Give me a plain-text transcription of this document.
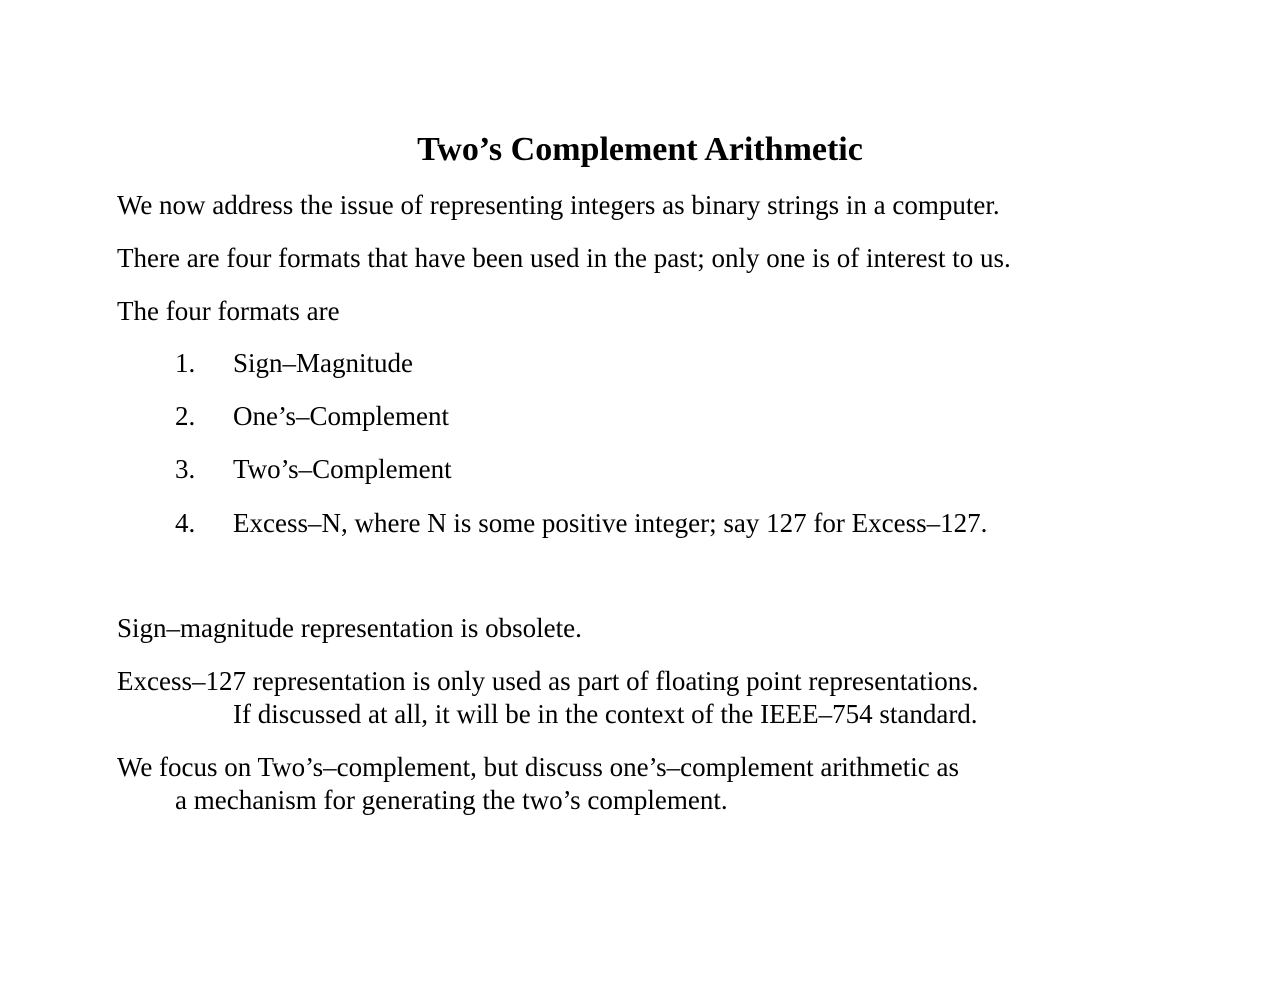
Two’s Complement Arithmetic
We now address the issue of representing integers as binary strings in a computer.
There are four formats that have been used in the past; only one is of interest to us.
The four formats are
1. Sign–Magnitude
2. One’s–Complement
3. Two’s–Complement
4. Excess–N, where N is some positive integer; say 127 for Excess–127.
Sign–magnitude representation is obsolete.
Excess–127 representation is only used as part of floating point representations.
If discussed at all, it will be in the context of the IEEE–754 standard.
We focus on Two’s–complement, but discuss one’s–complement arithmetic as
a mechanism for generating the two’s complement.
